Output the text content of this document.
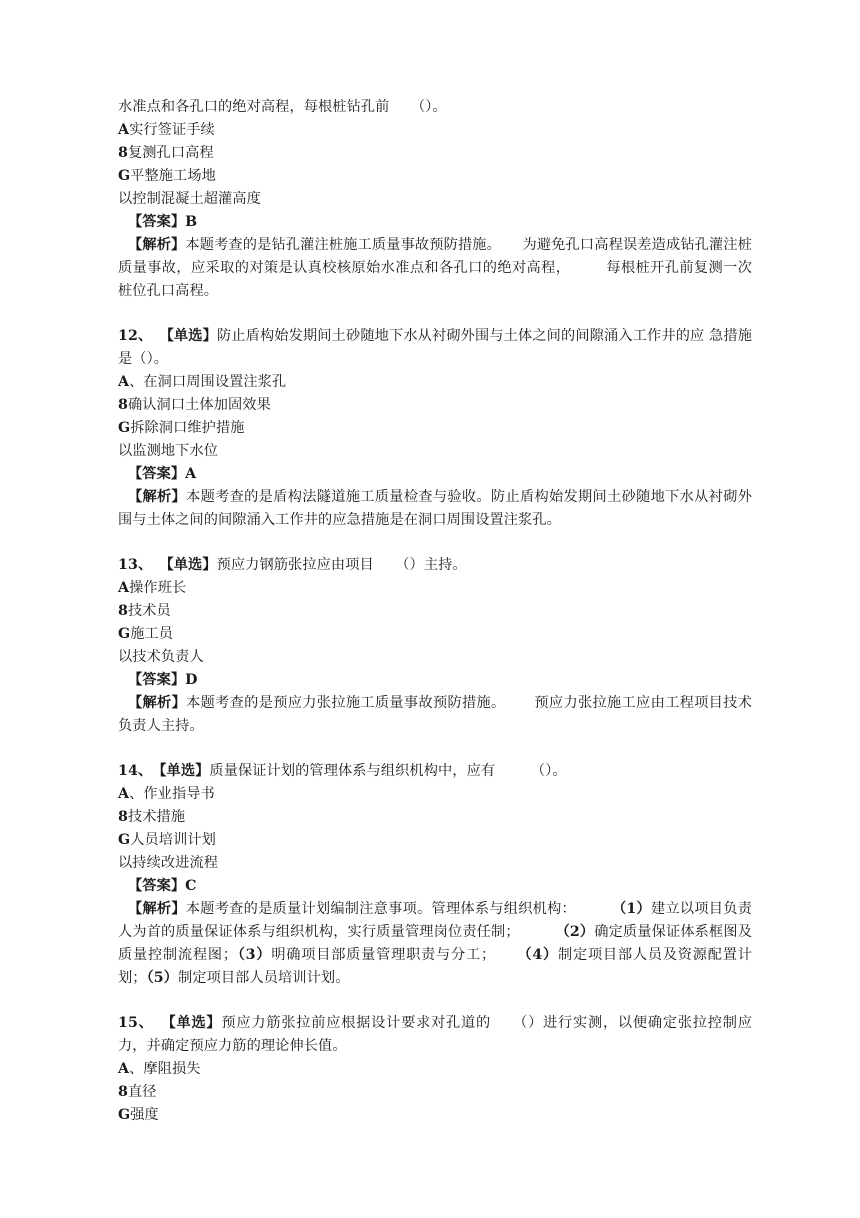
水准点和各孔口的绝对高程，每根桩钻孔前  （）。
A实行签证手续
8复测孔口高程
G平整施工场地
以控制混凝土超灌高度
【答案】B
【解析】本题考查的是钻孔灌注桩施工质量事故预防措施。  为避免孔口高程误差造成钻孔灌注桩质量事故，应采取的对策是认真校核原始水准点和各孔口的绝对高程，   每根桩开孔前复测一次桩位孔口高程。
12、  【单选】防止盾构始发期间土砂随地下水从衬砌外围与土体之间的间隙涌入工作井的应 急措施是（）。
A、在洞口周围设置注浆孔
8确认洞口土体加固效果
G拆除洞口维护措施
以监测地下水位
【答案】A
【解析】本题考查的是盾构法隧道施工质量检查与验收。防止盾构始发期间土砂随地下水从衬砌外围与土体之间的间隙涌入工作井的应急措施是在洞口周围设置注浆孔。
13、  【单选】预应力钢筋张拉应由项目  （）主持。
A操作班长
8技术员
G施工员
以技术负责人
【答案】D
【解析】本题考查的是预应力张拉施工质量事故预防措施。  预应力张拉施工应由工程项目技术负责人主持。
14、【单选】质量保证计划的管理体系与组织机构中，应有   （）。
A、作业指导书
8技术措施
G人员培训计划
以持续改进流程
【答案】C
【解析】本题考查的是质量计划编制注意事项。管理体系与组织机构：   （1）建立以项目负责人为首的质量保证体系与组织机构，实行质量管理岗位责任制；   （2）确定质量保证体系框图及质量控制流程图；（3）明确项目部质量管理职责与分工；  （4）制定项目部人员及资源配置计划；（5）制定项目部人员培训计划。
15、  【单选】预应力筋张拉前应根据设计要求对孔道的  （）进行实测，以便确定张拉控制应力，并确定预应力筋的理论伸长值。
A、摩阻损失
8直径
G强度
